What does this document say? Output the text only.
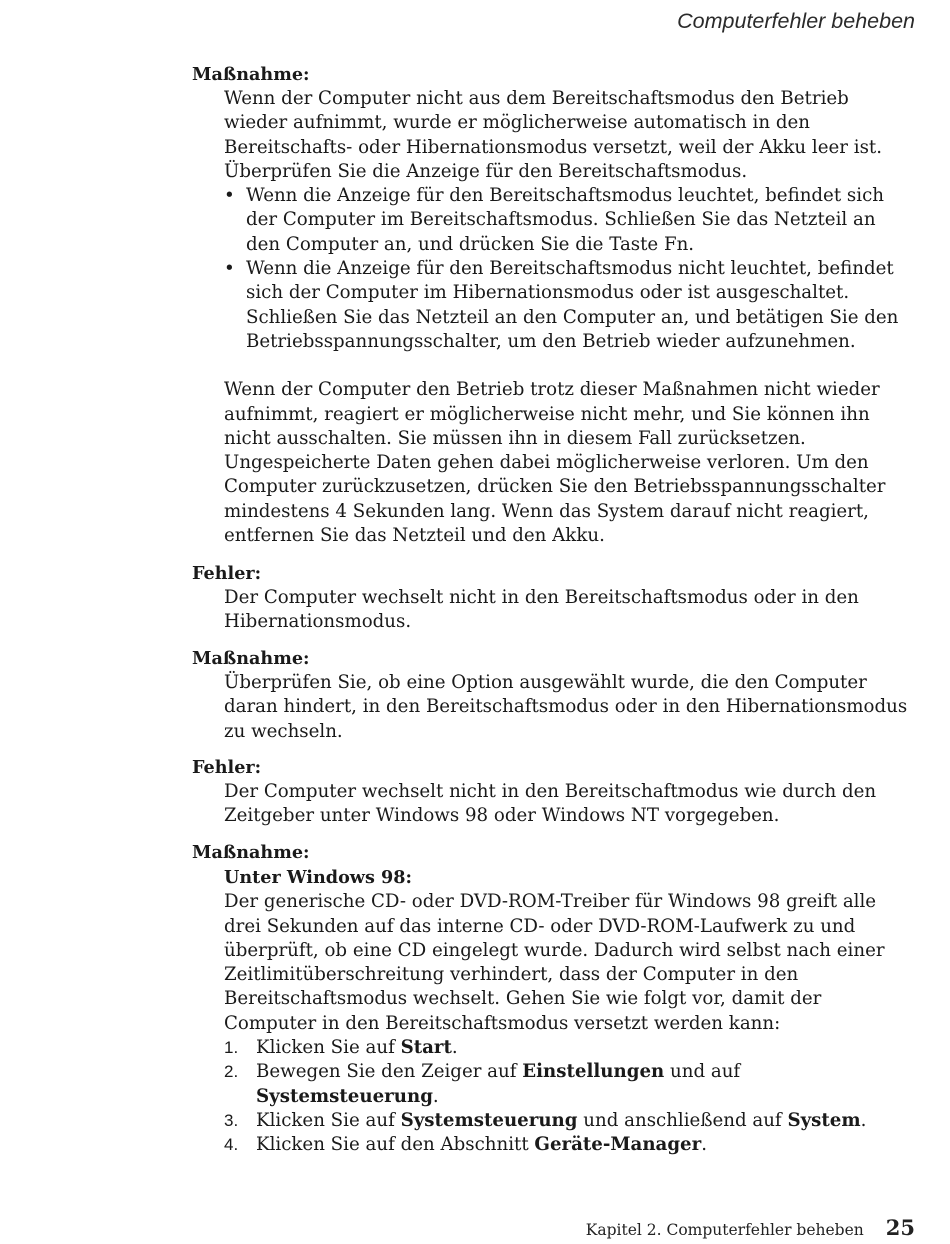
Computerfehler beheben
Maßnahme:

Wenn der Computer nicht aus dem Bereitschaftsmodus den Betrieb wieder aufnimmt, wurde er möglicherweise automatisch in den Bereitschafts- oder Hibernationsmodus versetzt, weil der Akku leer ist. Überprüfen Sie die Anzeige für den Bereitschaftsmodus.

• Wenn die Anzeige für den Bereitschaftsmodus leuchtet, befindet sich der Computer im Bereitschaftsmodus. Schließen Sie das Netzteil an den Computer an, und drücken Sie die Taste Fn.
• Wenn die Anzeige für den Bereitschaftsmodus nicht leuchtet, befindet sich der Computer im Hibernationsmodus oder ist ausgeschaltet. Schließen Sie das Netzteil an den Computer an, und betätigen Sie den Betriebsspannungsschalter, um den Betrieb wieder aufzunehmen.

Wenn der Computer den Betrieb trotz dieser Maßnahmen nicht wieder aufnimmt, reagiert er möglicherweise nicht mehr, und Sie können ihn nicht ausschalten. Sie müssen ihn in diesem Fall zurücksetzen. Ungespeicherte Daten gehen dabei möglicherweise verloren. Um den Computer zurückzusetzen, drücken Sie den Betriebsspannungsschalter mindestens 4 Sekunden lang. Wenn das System darauf nicht reagiert, entfernen Sie das Netzteil und den Akku.

Fehler:

Der Computer wechselt nicht in den Bereitschaftsmodus oder in den Hibernationsmodus.

Maßnahme:

Überprüfen Sie, ob eine Option ausgewählt wurde, die den Computer daran hindert, in den Bereitschaftsmodus oder in den Hibernationsmodus zu wechseln.

Fehler:

Der Computer wechselt nicht in den Bereitschaftmodus wie durch den Zeitgeber unter Windows 98 oder Windows NT vorgegeben.

Maßnahme:
Unter Windows 98:

Der generische CD- oder DVD-ROM-Treiber für Windows 98 greift alle drei Sekunden auf das interne CD- oder DVD-ROM-Laufwerk zu und überprüft, ob eine CD eingelegt wurde. Dadurch wird selbst nach einer Zeitlimitüberschreitung verhindert, dass der Computer in den Bereitschaftsmodus wechselt. Gehen Sie wie folgt vor, damit der Computer in den Bereitschaftsmodus versetzt werden kann:

1. Klicken Sie auf Start.
2. Bewegen Sie den Zeiger auf Einstellungen und auf Systemsteuerung.
3. Klicken Sie auf Systemsteuerung und anschließend auf System.
4. Klicken Sie auf den Abschnitt Geräte-Manager.
Kapitel 2. Computerfehler beheben 25
